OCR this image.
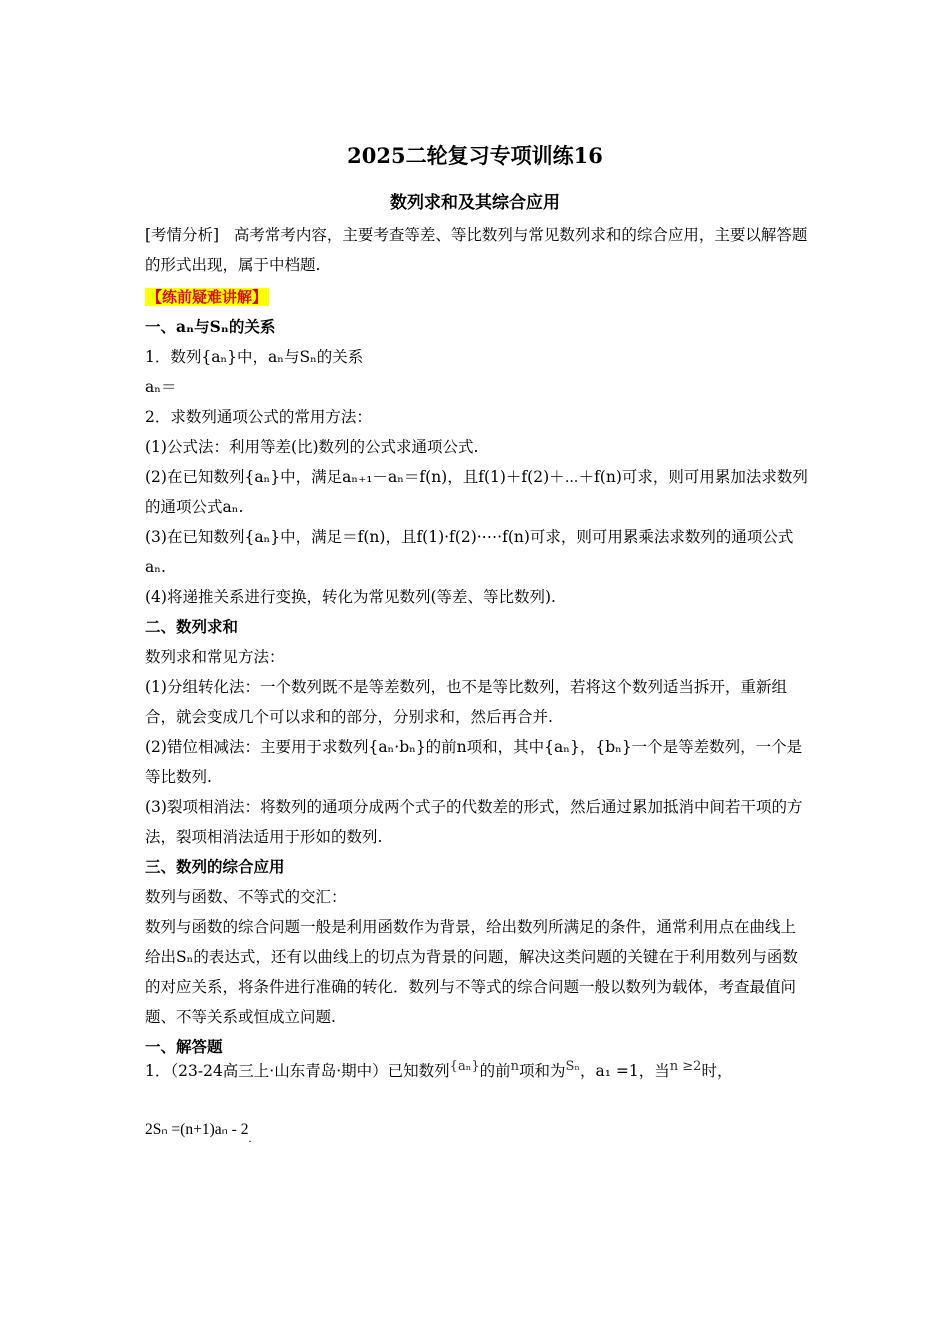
2025二轮复习专项训练16
数列求和及其综合应用

[考情分析] 高考常考内容，主要考查等差、等比数列与常见数列求和的综合应用，主要以解答题的形式出现，属于中档题.

【练前疑难讲解】

一、aₙ与Sₙ的关系

1．数列{aₙ}中，aₙ与Sₙ的关系

aₙ＝

2．求数列通项公式的常用方法：

(1)公式法：利用等差(比)数列的公式求通项公式.

(2)在已知数列{aₙ}中，满足aₙ₊₁－aₙ＝f(n)，且f(1)＋f(2)＋⋯＋f(n)可求，则可用累加法求数列的通项公式aₙ.

(3)在已知数列{aₙ}中，满足＝f(n)，且f(1)·f(2)·⋯·f(n)可求，则可用累乘法求数列的通项公式aₙ.

(4)将递推关系进行变换，转化为常见数列(等差、等比数列).

二、数列求和

数列求和常见方法：

(1)分组转化法：一个数列既不是等差数列，也不是等比数列，若将这个数列适当拆开，重新组合，就会变成几个可以求和的部分，分别求和，然后再合并.

(2)错位相减法：主要用于求数列{aₙ·bₙ}的前n项和，其中{aₙ}，{bₙ}一个是等差数列，一个是等比数列.

(3)裂项相消法：将数列的通项分成两个式子的代数差的形式，然后通过累加抵消中间若干项的方法，裂项相消法适用于形如的数列.

三、数列的综合应用

数列与函数、不等式的交汇：

数列与函数的综合问题一般是利用函数作为背景，给出数列所满足的条件，通常利用点在曲线上给出Sₙ的表达式，还有以曲线上的切点为背景的问题，解决这类问题的关键在于利用数列与函数的对应关系，将条件进行准确的转化．数列与不等式的综合问题一般以数列为载体，考查最值问题、不等关系或恒成立问题.

一、解答题

1．（23-24高三上·山东青岛·期中）已知数列{aₙ}的前n项和为Sₙ，a₁ =1，当n ≥2时，
$2S_n =(n+1)a_n - 2_.$
